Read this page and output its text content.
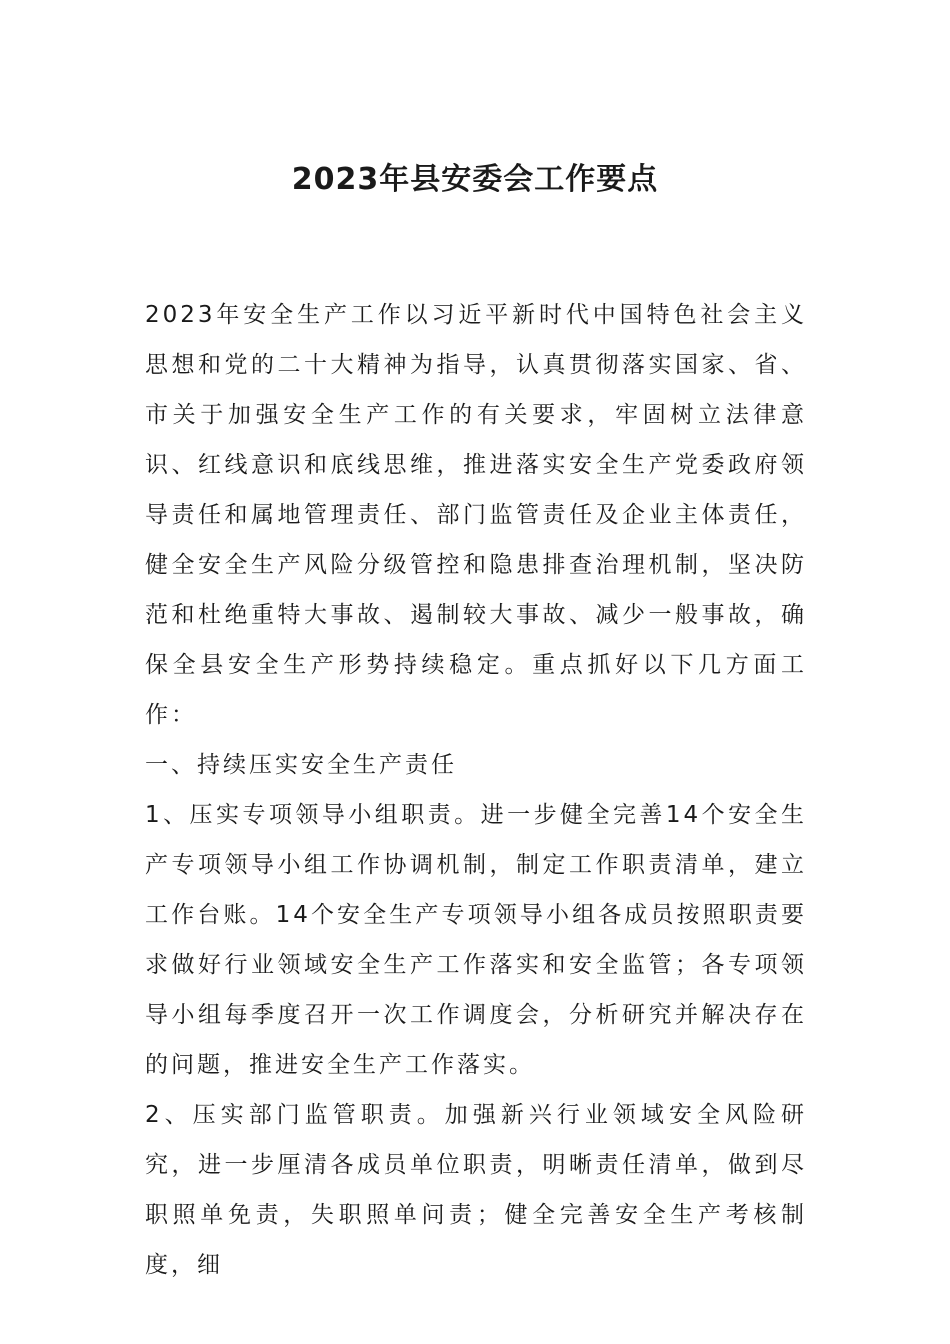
2023年县安委会工作要点

2023年安全生产工作以习近平新时代中国特色社会主义思想和党的二十大精神为指导，认真贯彻落实国家、省、市关于加强安全生产工作的有关要求，牢固树立法律意识、红线意识和底线思维，推进落实安全生产党委政府领导责任和属地管理责任、部门监管责任及企业主体责任，健全安全生产风险分级管控和隐患排查治理机制，坚决防范和杜绝重特大事故、遏制较大事故、减少一般事故，确保全县安全生产形势持续稳定。重点抓好以下几方面工作：

一、持续压实安全生产责任

1、压实专项领导小组职责。进一步健全完善14个安全生产专项领导小组工作协调机制，制定工作职责清单，建立工作台账。14个安全生产专项领导小组各成员按照职责要求做好行业领域安全生产工作落实和安全监管；各专项领导小组每季度召开一次工作调度会，分析研究并解决存在的问题，推进安全生产工作落实。

2、压实部门监管职责。加强新兴行业领域安全风险研究，进一步厘清各成员单位职责，明晰责任清单，做到尽职照单免责，失职照单问责；健全完善安全生产考核制度，细
